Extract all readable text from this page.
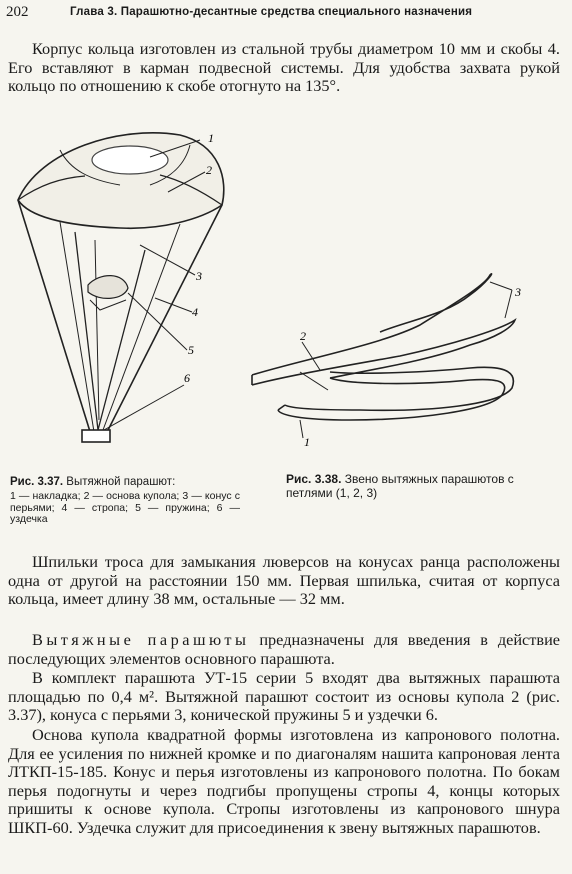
202	Глава 3. Парашютно-десантные средства специального назначения
Корпус кольца изготовлен из стальной трубы диаметром 10 мм и скобы 4. Его вставляют в карман подвесной системы. Для удобства захвата рукой кольцо по отношению к скобе отогнуто на 135°.
1
2
3
4
5
6
1
2
3
Рис. 3.37. Вытяжной парашют:
1 — накладка; 2 — основа купола; 3 — конус с перьями; 4 — стропа; 5 — пружина; 6 — уздечка
Рис. 3.38. Звено вытяжных парашютов с петлями (1, 2, 3)
Шпильки троса для замыкания люверсов на конусах ранца расположены одна от другой на расстоянии 150 мм. Первая шпилька, считая от корпуса кольца, имеет длину 38 мм, остальные — 32 мм.
Вытяжные парашюты предназначены для введения в действие последующих элементов основного парашюта.
В комплект парашюта УТ-15 серии 5 входят два вытяжных парашюта площадью по 0,4 м². Вытяжной парашют состоит из основы купола 2 (рис. 3.37), конуса с перьями 3, конической пружины 5 и уздечки 6.
Основа купола квадратной формы изготовлена из капронового полотна. Для ее усиления по нижней кромке и по диагоналям нашита капроновая лента ЛТКП-15-185. Конус и перья изготовлены из капронового полотна. По бокам перья подогнуты и через подгибы пропущены стропы 4, концы которых пришиты к основе купола. Стропы изготовлены из капронового шнура ШКП-60. Уздечка служит для присоединения к звену вытяжных парашютов.
